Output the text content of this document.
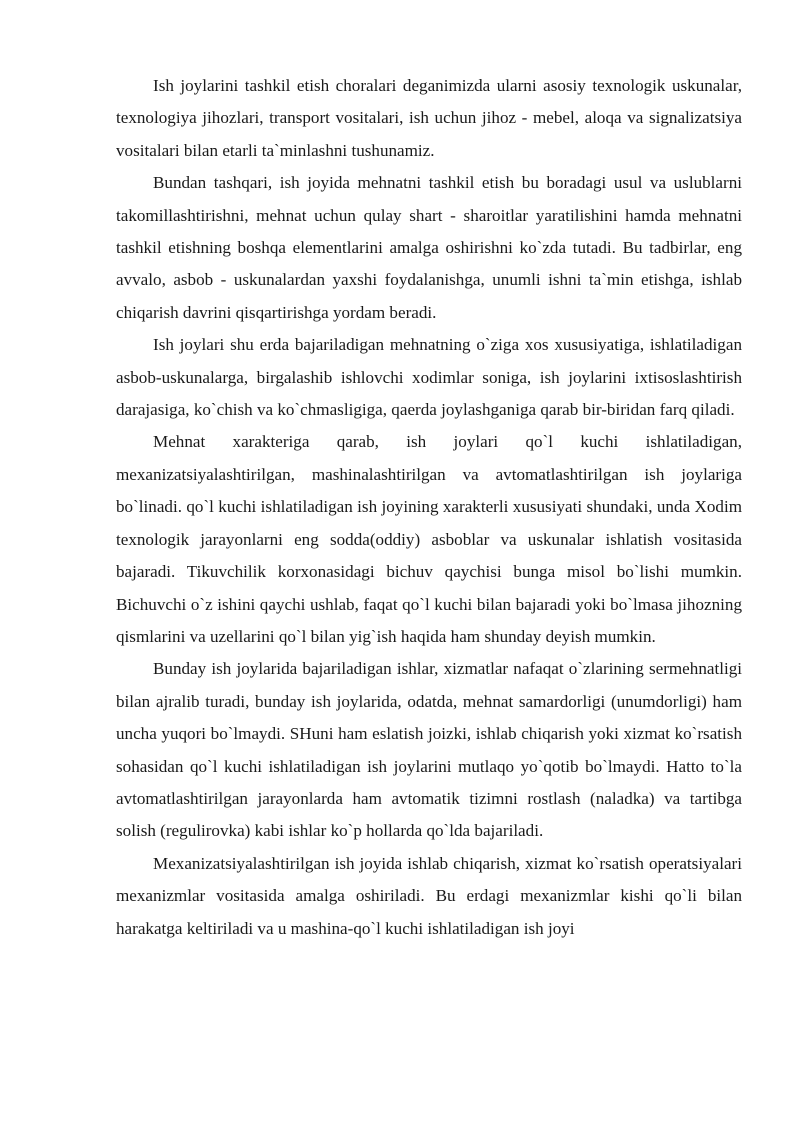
Ish joylarini tashkil etish choralari deganimizda ularni asosiy texnologik uskunalar, texnologiya jihozlari, transport vositalari, ish uchun jihoz - mebel, aloqa va signalizatsiya vositalari bilan etarli ta`minlashni tushunamiz.

Bundan tashqari, ish joyida mehnatni tashkil etish bu boradagi usul va uslublarni takomillashtirishni, mehnat uchun qulay shart - sharoitlar yaratilishini hamda mehnatni tashkil etishning boshqa elementlarini amalga oshirishni ko`zda tutadi. Bu tadbirlar, eng avvalo, asbob - uskunalardan yaxshi foydalanishga, unumli ishni ta`min etishga, ishlab chiqarish davrini qisqartirishga yordam beradi.

Ish joylari shu erda bajariladigan mehnatning o`ziga xos xususiyatiga, ishlatiladigan asbob-uskunalarga, birgalashib ishlovchi xodimlar soniga, ish joylarini ixtisoslashtirish darajasiga, ko`chish va ko`chmasligiga, qaerda joylashganiga qarab bir-biridan farq qiladi.

Mehnat xarakteriga qarab, ish joylari qo`l kuchi ishlatiladigan, mexanizatsiyalashtirilgan, mashinalashtirilgan va avtomatlashtirilgan ish joylariga bo`linadi. qo`l kuchi ishlatiladigan ish joyining xarakterli xususiyati shundaki, unda Xodim texnologik jarayonlarni eng sodda(oddiy) asboblar va uskunalar ishlatish vositasida bajaradi. Tikuvchilik korxonasidagi bichuv qaychisi bunga misol bo`lishi mumkin. Bichuvchi o`z ishini qaychi ushlab, faqat qo`l kuchi bilan bajaradi yoki bo`lmasa jihozning qismlarini va uzellarini qo`l bilan yig`ish haqida ham shunday deyish mumkin.

Bunday ish joylarida bajariladigan ishlar, xizmatlar nafaqat o`zlarining sermehnatligi bilan ajralib turadi, bunday ish joylarida, odatda, mehnat samardorligi (unumdorligi) ham uncha yuqori bo`lmaydi. SHuni ham eslatish joizki, ishlab chiqarish yoki xizmat ko`rsatish sohasidan qo`l kuchi ishlatiladigan ish joylarini mutlaqo yo`qotib bo`lmaydi. Hatto to`la avtomatlashtirilgan jarayonlarda ham avtomatik tizimni rostlash (naladka) va tartibga solish (regulirovka) kabi ishlar ko`p hollarda qo`lda bajariladi.

Mexanizatsiyalashtirilgan ish joyida ishlab chiqarish, xizmat ko`rsatish operatsiyalari mexanizmlar vositasida amalga oshiriladi. Bu erdagi mexanizmlar kishi qo`li bilan harakatga keltiriladi va u mashina-qo`l kuchi ishlatiladigan ish joyi
